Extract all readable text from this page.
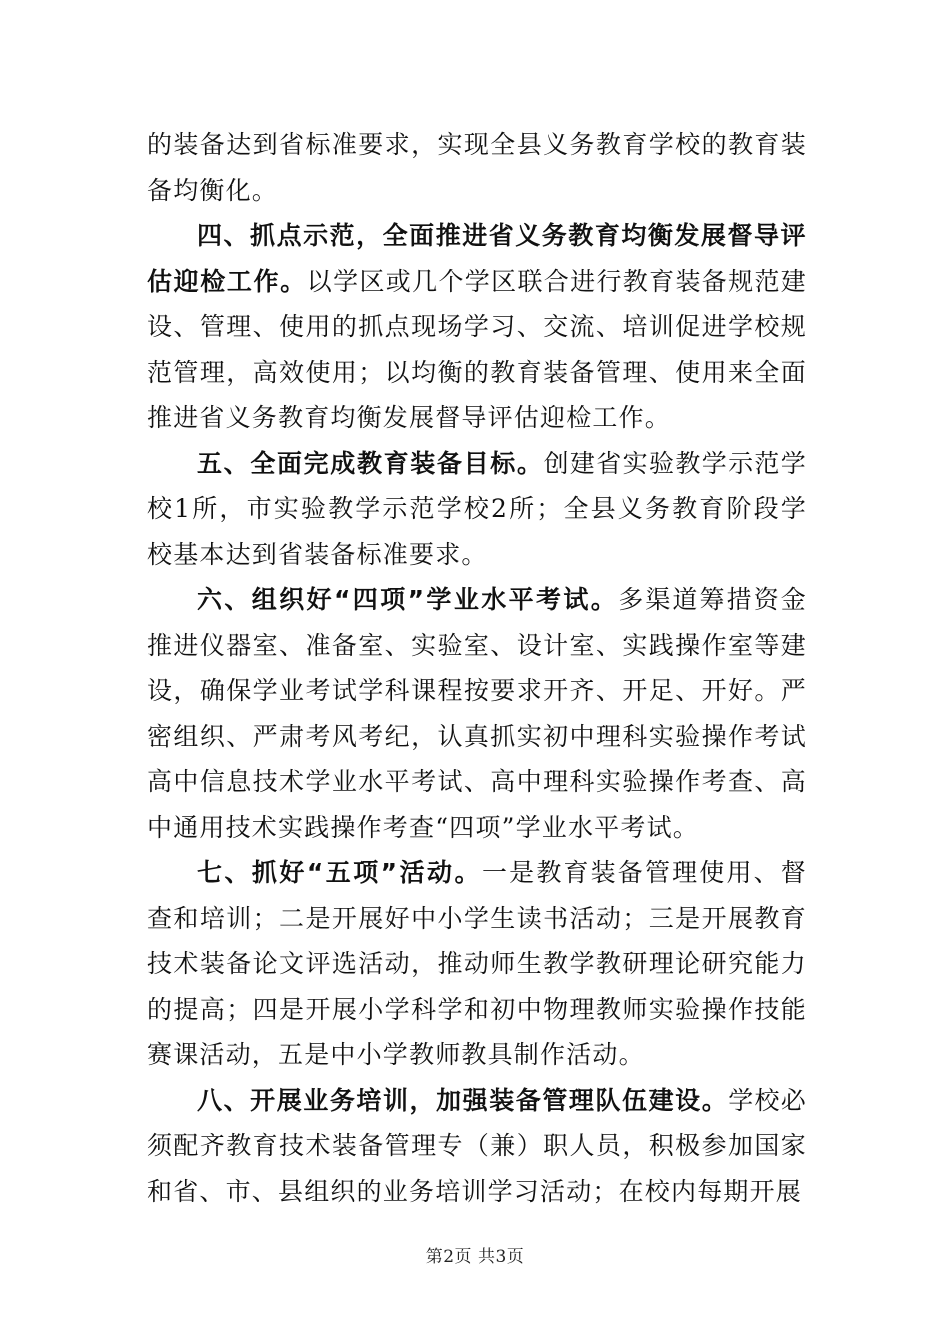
的装备达到省标准要求，实现全县义务教育学校的教育装备均衡化。

四、抓点示范，全面推进省义务教育均衡发展督导评估迎检工作。以学区或几个学区联合进行教育装备规范建设、管理、使用的抓点现场学习、交流、培训促进学校规范管理，高效使用；以均衡的教育装备管理、使用来全面推进省义务教育均衡发展督导评估迎检工作。

五、全面完成教育装备目标。创建省实验教学示范学校1所，市实验教学示范学校2所；全县义务教育阶段学校基本达到省装备标准要求。

六、组织好“四项”学业水平考试。多渠道筹措资金推进仪器室、准备室、实验室、设计室、实践操作室等建设，确保学业考试学科课程按要求开齐、开足、开好。严密组织、严肃考风考纪，认真抓实初中理科实验操作考试高中信息技术学业水平考试、高中理科实验操作考查、高中通用技术实践操作考查“四项”学业水平考试。

七、抓好“五项”活动。一是教育装备管理使用、督查和培训；二是开展好中小学生读书活动；三是开展教育技术装备论文评选活动，推动师生教学教研理论研究能力的提高；四是开展小学科学和初中物理教师实验操作技能赛课活动，五是中小学教师教具制作活动。

八、开展业务培训，加强装备管理队伍建设。学校必须配齐教育技术装备管理专（兼）职人员，积极参加国家和省、市、县组织的业务培训学习活动；在校内每期开展

第2页 共3页
